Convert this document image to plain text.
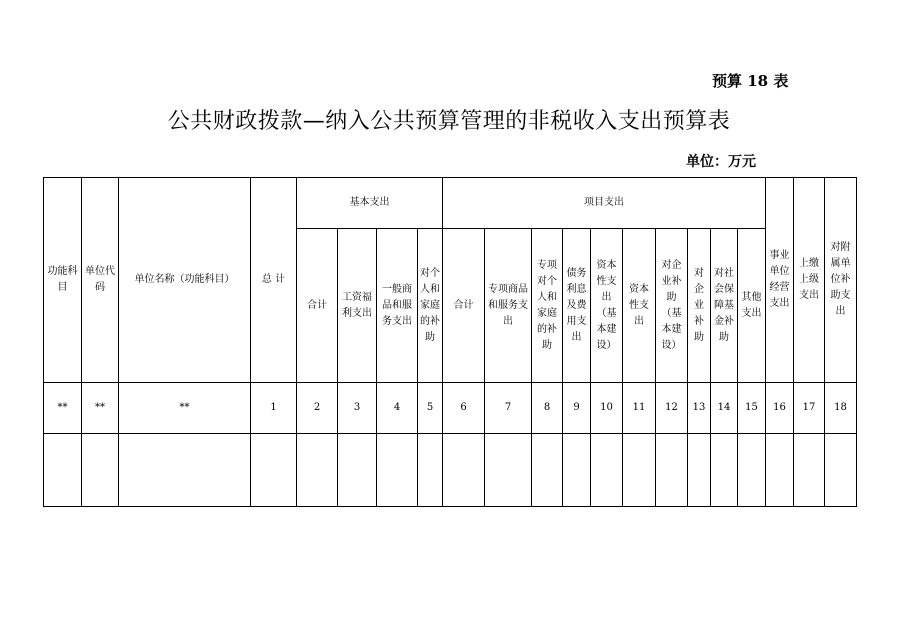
预算 18 表
公共财政拨款—纳入公共预算管理的非税收入支出预算表
单位：万元
功能科目	单位代码	单位名称（功能科目）	总 计	基本支出				项目支出										事业单位经营支出	上缴上级支出	对附属单位补助支出
				合计	工资福利支出	一般商品和服务支出	对个人和家庭的补助	合计	专项商品和服务支出	专项对个人和家庭的补助	债务利息及费用支出	资本性支出（基本建设）	资本性支出	对企业补助（基本建设）	对企业补助	对社会保障基金补助	其他支出			
**	**	**	1	2	3	4	5	6	7	8	9	10	11	12	13	14	15	16	17	18
